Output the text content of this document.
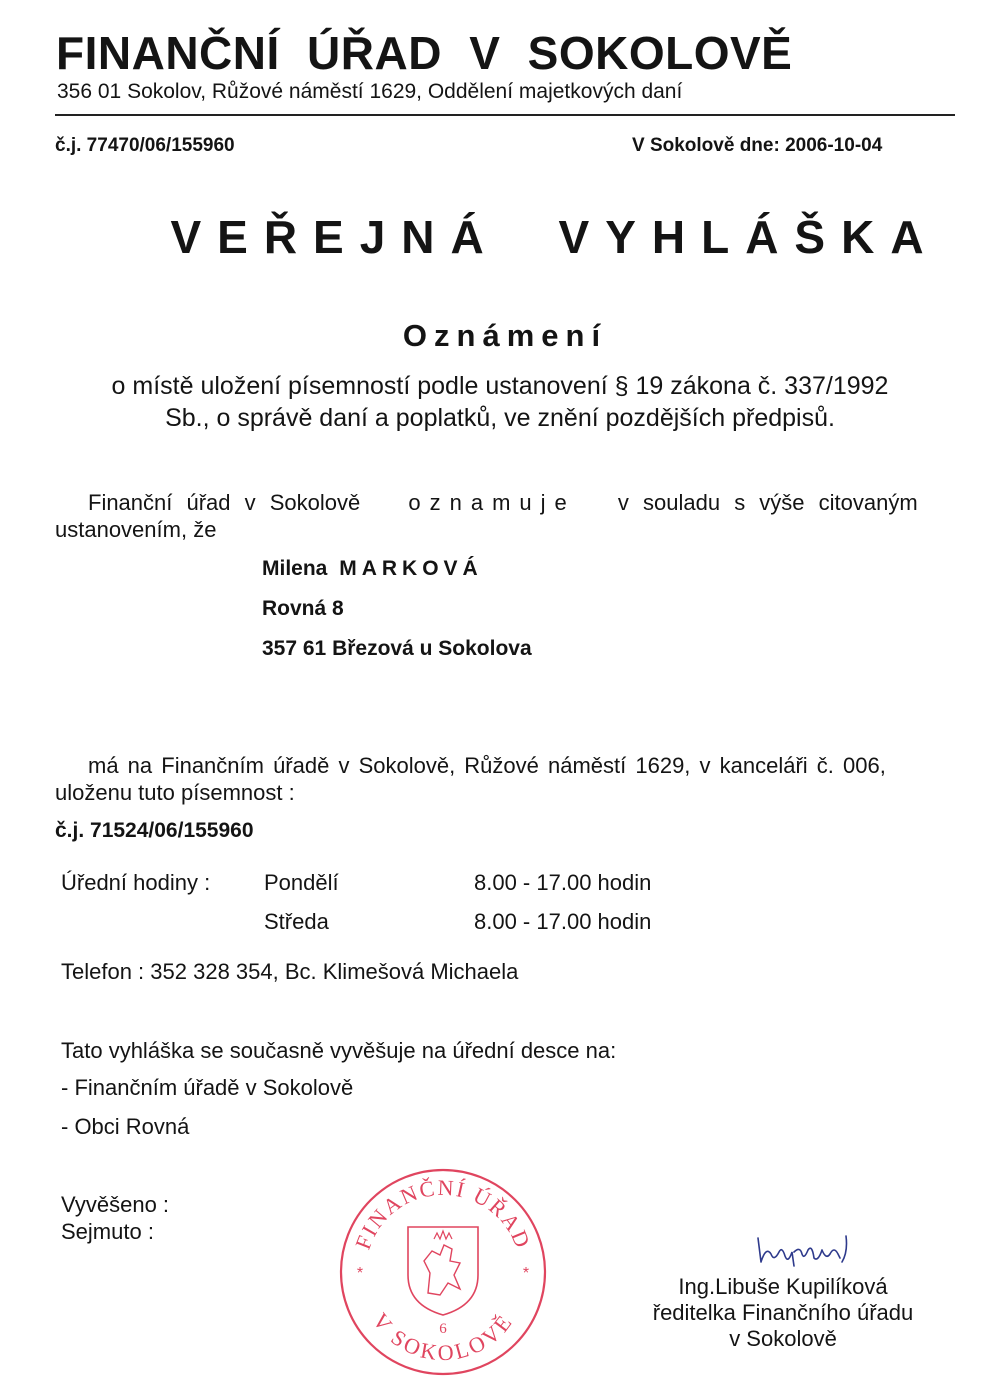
FINANČNÍ ÚŘAD V SOKOLOVĚ
356 01 Sokolov, Růžové náměstí 1629, Oddělení majetkových daní
č.j. 77470/06/155960	V Sokolově dne: 2006-10-04
VEŘEJNÁ VYHLÁŠKA
Oznámení
o místě uložení písemností podle ustanovení § 19 zákona č. 337/1992
Sb., o správě daní a poplatků, ve znění pozdějších předpisů.
Finanční úřad v Sokolově oznamuje v souladu s výše citovaným
ustanovením, že
Milena MARKOVÁ
Rovná 8
357 61 Březová u Sokolova
má na Finančním úřadě v Sokolově, Růžové náměstí 1629, v kanceláři č. 006,
uloženu tuto písemnost :
č.j. 71524/06/155960
Úřední hodiny : Pondělí	8.00 - 17.00 hodin
Středa	8.00 - 17.00 hodin
Telefon : 352 328 354, Bc. Klimešová Michaela
Tato vyhláška se současně vyvěšuje na úřední desce na:
- Finančním úřadě v Sokolově
- Obci Rovná
Vyvěšeno :
Sejmuto :	FINANČNÍ ÚŘAD
V SOKOLOVĚ
*	*
6
Ing.Libuše Kupilíková
ředitelka Finančního úřadu
v Sokolově
